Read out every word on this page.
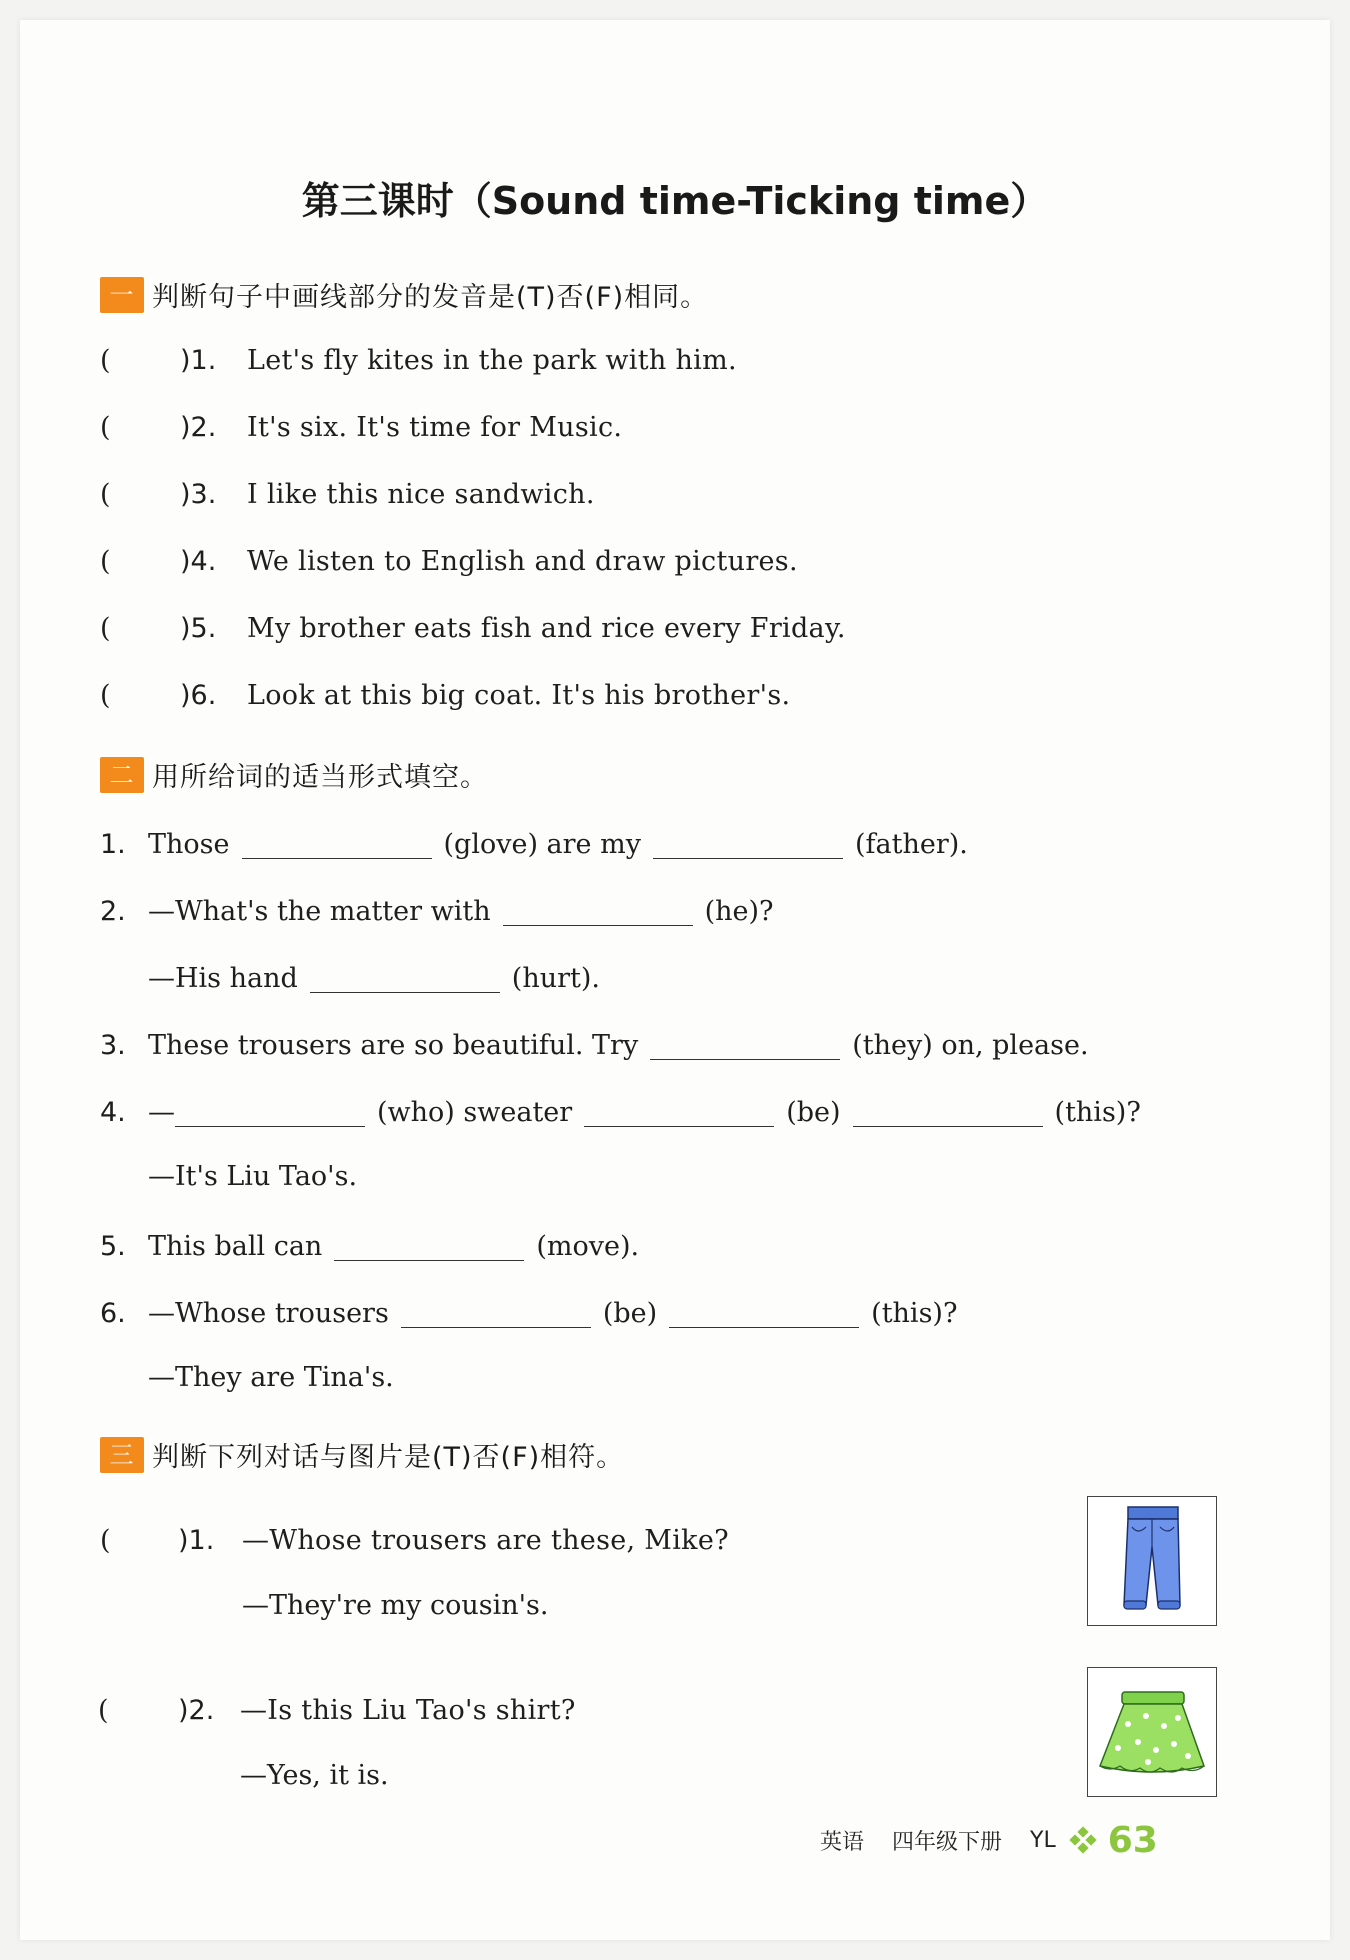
第三课时（Sound time-Ticking time）
一 判断句子中画线部分的发音是(T)否(F)相同。
(	)1. Let's fly kites in the park with him.
(	)2. It's six. It's time for Music.
(	)3. I like this nice sandwich.
(	)4. We listen to English and draw pictures.
(	)5. My brother eats fish and rice every Friday.
(	)6. Look at this big coat. It's his brother's.
二 用所给词的适当形式填空。
1. Those	(glove) are my	(father).
2. —What's the matter with	(he)?
—His hand	(hurt).
3. These trousers are so beautiful. Try	(they) on, please.
4. —	(who) sweater	(be)	(this)?
—It's Liu Tao's.
5. This ball can	(move).
6. —Whose trousers	(be)	(this)?
—They are Tina's.
三 判断下列对话与图片是(T)否(F)相符。
( )1. —Whose trousers are these, Mike?
—They're my cousin's.
(	)2. —Is this Liu Tao's shirt?
—Yes, it is.
英语 四年级下册 YL 63
